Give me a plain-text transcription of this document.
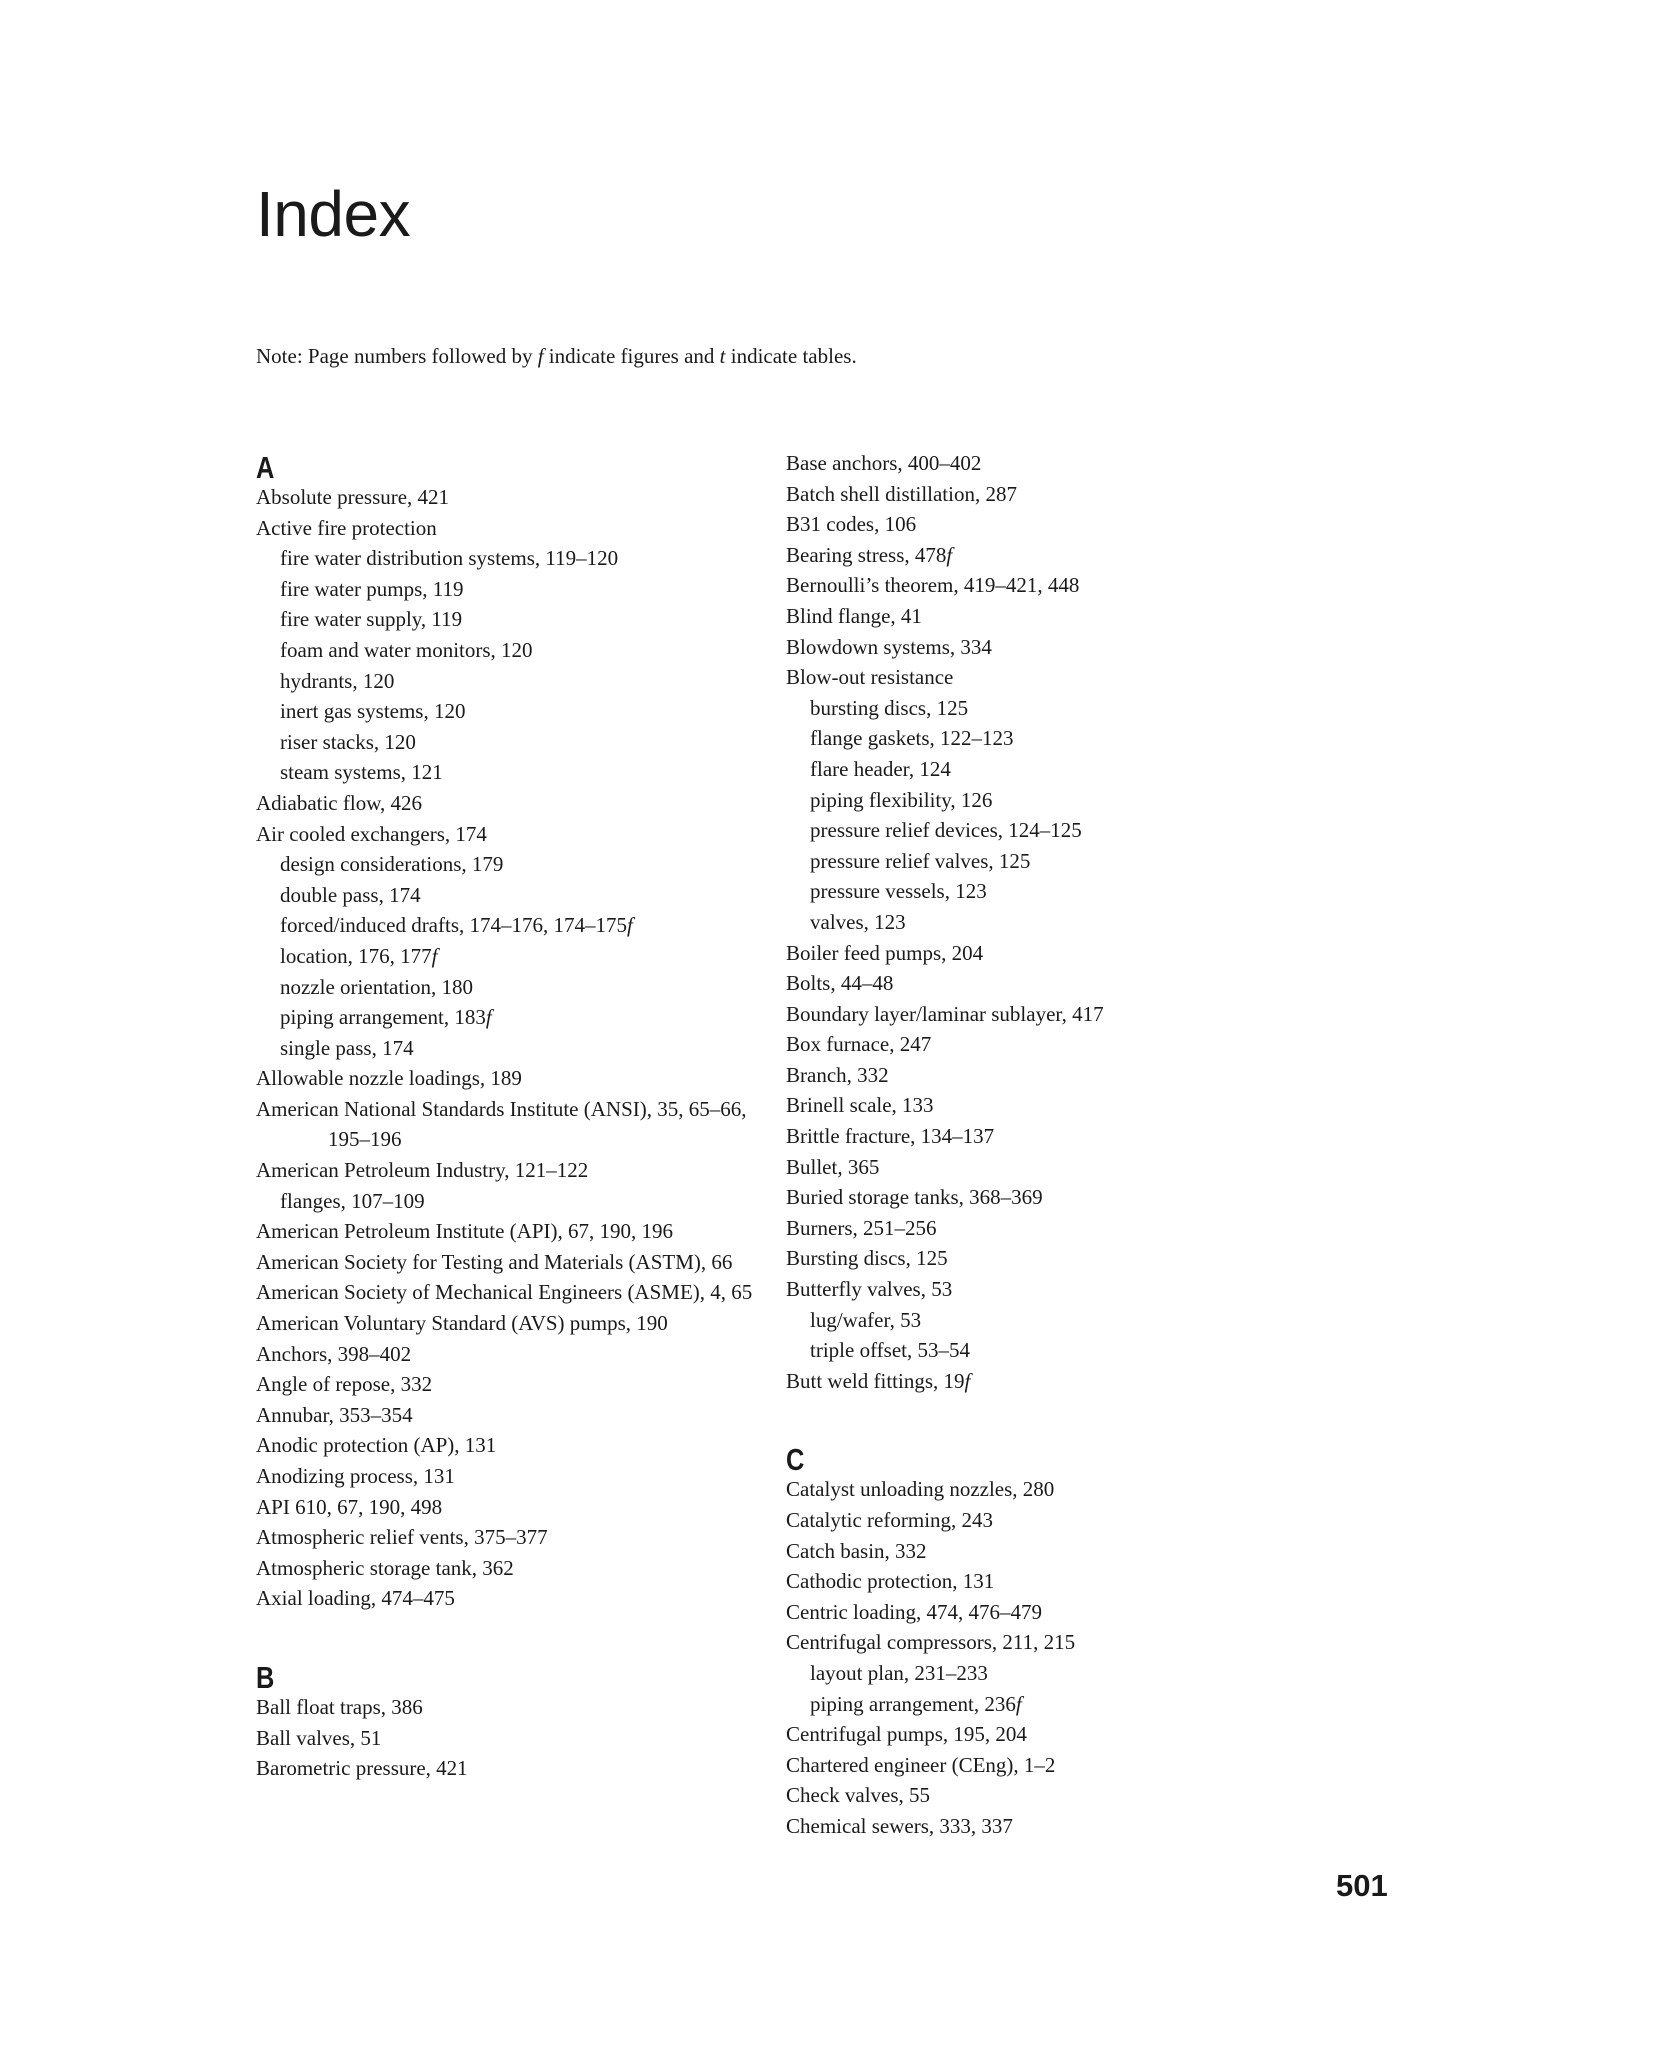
Index

Note: Page numbers followed by f indicate figures and t indicate tables.

A
Absolute pressure, 421
Active fire protection
fire water distribution systems, 119–120
fire water pumps, 119
fire water supply, 119
foam and water monitors, 120
hydrants, 120
inert gas systems, 120
riser stacks, 120
steam systems, 121
Adiabatic flow, 426
Air cooled exchangers, 174
design considerations, 179
double pass, 174
forced/induced drafts, 174–176, 174–175f
location, 176, 177f
nozzle orientation, 180
piping arrangement, 183f
single pass, 174
Allowable nozzle loadings, 189
American National Standards Institute (ANSI), 35, 65–66, 195–196
American Petroleum Industry, 121–122
flanges, 107–109
American Petroleum Institute (API), 67, 190, 196
American Society for Testing and Materials (ASTM), 66
American Society of Mechanical Engineers (ASME), 4, 65
American Voluntary Standard (AVS) pumps, 190
Anchors, 398–402
Angle of repose, 332
Annubar, 353–354
Anodic protection (AP), 131
Anodizing process, 131
API 610, 67, 190, 498
Atmospheric relief vents, 375–377
Atmospheric storage tank, 362
Axial loading, 474–475
B
Ball float traps, 386
Ball valves, 51
Barometric pressure, 421
Base anchors, 400–402
Batch shell distillation, 287
B31 codes, 106
Bearing stress, 478f
Bernoulli’s theorem, 419–421, 448
Blind flange, 41
Blowdown systems, 334
Blow-out resistance
bursting discs, 125
flange gaskets, 122–123
flare header, 124
piping flexibility, 126
pressure relief devices, 124–125
pressure relief valves, 125
pressure vessels, 123
valves, 123
Boiler feed pumps, 204
Bolts, 44–48
Boundary layer/laminar sublayer, 417
Box furnace, 247
Branch, 332
Brinell scale, 133
Brittle fracture, 134–137
Bullet, 365
Buried storage tanks, 368–369
Burners, 251–256
Bursting discs, 125
Butterfly valves, 53
lug/wafer, 53
triple offset, 53–54
Butt weld fittings, 19f
C
Catalyst unloading nozzles, 280
Catalytic reforming, 243
Catch basin, 332
Cathodic protection, 131
Centric loading, 474, 476–479
Centrifugal compressors, 211, 215
layout plan, 231–233
piping arrangement, 236f
Centrifugal pumps, 195, 204
Chartered engineer (CEng), 1–2
Check valves, 55
Chemical sewers, 333, 337
501
